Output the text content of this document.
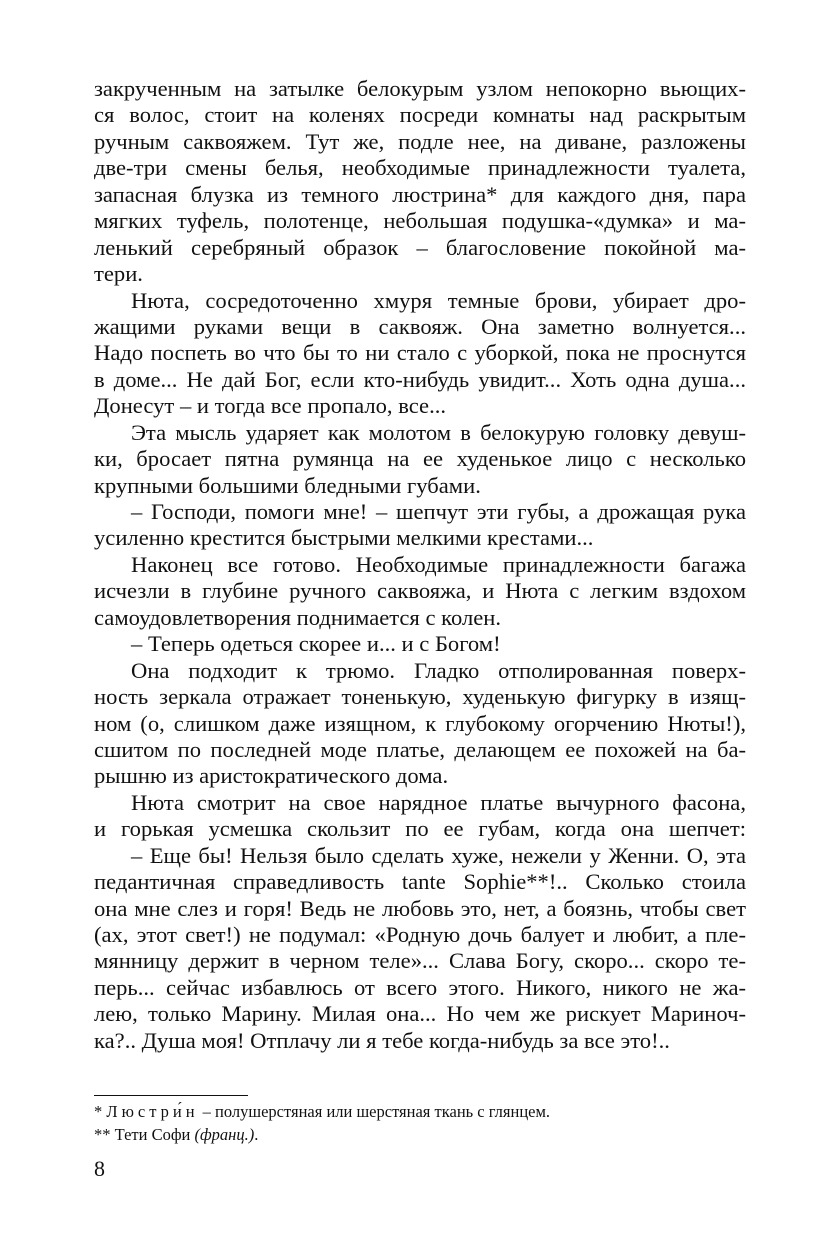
закрученным на затылке белокурым узлом непокорно вьющих-
ся волос, стоит на коленях посреди комнаты над раскрытым
ручным саквояжем. Тут же, подле нее, на диване, разложены
две-три смены белья, необходимые принадлежности туалета,
запасная блузка из темного люстрина* для каждого дня, пара
мягких туфель, полотенце, небольшая подушка-«думка» и ма-
ленький серебряный образок – благословение покойной ма-
тери.
Нюта, сосредоточенно хмуря темные брови, убирает дро-
жащими руками вещи в саквояж. Она заметно волнуется...
Надо поспеть во что бы то ни стало с уборкой, пока не проснутся
в доме... Не дай Бог, если кто-нибудь увидит... Хоть одна душа...
Донесут – и тогда все пропало, все...
Эта мысль ударяет как молотом в белокурую головку девуш-
ки, бросает пятна румянца на ее худенькое лицо с несколько
крупными большими бледными губами.
– Господи, помоги мне! – шепчут эти губы, а дрожащая рука
усиленно крестится быстрыми мелкими крестами...
Наконец все готово. Необходимые принадлежности багажа
исчезли в глубине ручного саквояжа, и Нюта с легким вздохом
самоудовлетворения поднимается с колен.
– Теперь одеться скорее и... и с Богом!
Она подходит к трюмо. Гладко отполированная поверх-
ность зеркала отражает тоненькую, худенькую фигурку в изящ-
ном (о, слишком даже изящном, к глубокому огорчению Нюты!),
сшитом по последней моде платье, делающем ее похожей на ба-
рышню из аристократического дома.
Нюта смотрит на свое нарядное платье вычурного фасона,
и горькая усмешка скользит по ее губам, когда она шепчет:
– Еще бы! Нельзя было сделать хуже, нежели у Женни. О, эта
педантичная справедливость tante Sophie**!.. Сколько стоила
она мне слез и горя! Ведь не любовь это, нет, а боязнь, чтобы свет
(ах, этот свет!) не подумал: «Родную дочь балует и любит, а пле-
мянницу держит в черном теле»... Слава Богу, скоро... скоро те-
перь... сейчас избавлюсь от всего этого. Никого, никого не жа-
лею, только Марину. Милая она... Но чем же рискует Мариноч-
ка?.. Душа моя! Отплачу ли я тебе когда-нибудь за все это!..
* Люстри́н – полушерстяная или шерстяная ткань с глянцем.
** Тети Софи (франц.).
8
